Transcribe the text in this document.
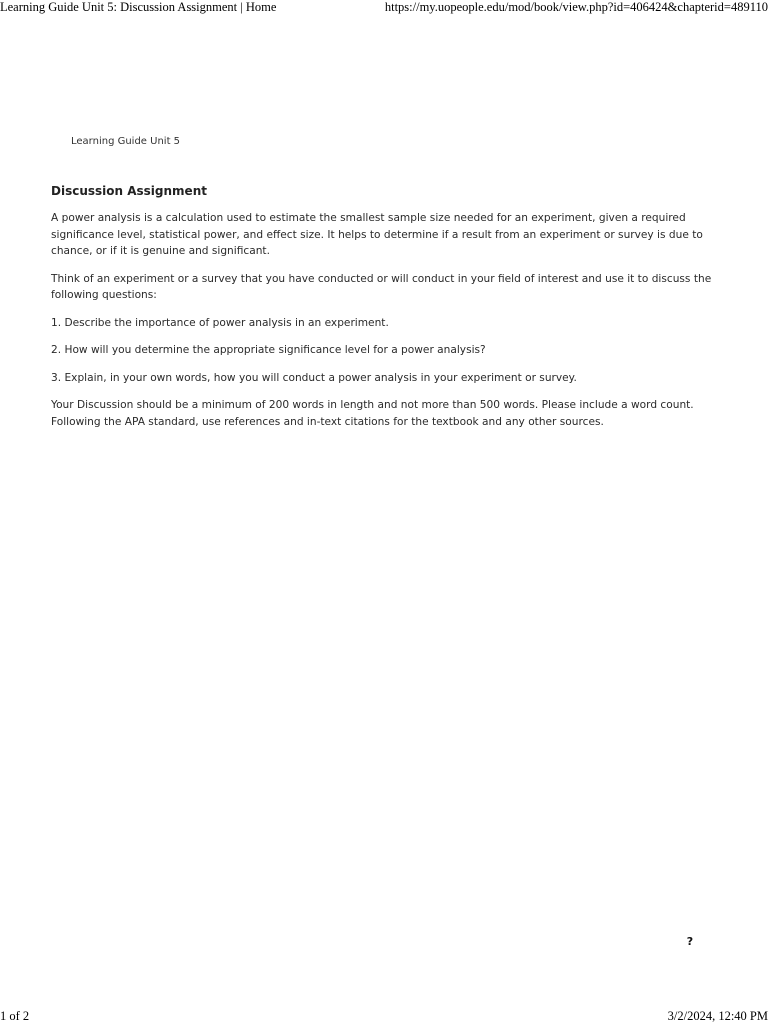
Learning Guide Unit 5: Discussion Assignment | Home	https://my.uopeople.edu/mod/book/view.php?id=406424&chapterid=489110
Learning Guide Unit 5
Discussion Assignment

A power analysis is a calculation used to estimate the smallest sample size needed for an experiment, given a required significance level, statistical power, and effect size. It helps to determine if a result from an experiment or survey is due to chance, or if it is genuine and significant.

Think of an experiment or a survey that you have conducted or will conduct in your field of interest and use it to discuss the following questions:

1. Describe the importance of power analysis in an experiment.

2. How will you determine the appropriate significance level for a power analysis?

3. Explain, in your own words, how you will conduct a power analysis in your experiment or survey.

Your Discussion should be a minimum of 200 words in length and not more than 500 words. Please include a word count. Following the APA standard, use references and in-text citations for the textbook and any other sources.

?
1 of 2	3/2/2024, 12:40 PM
